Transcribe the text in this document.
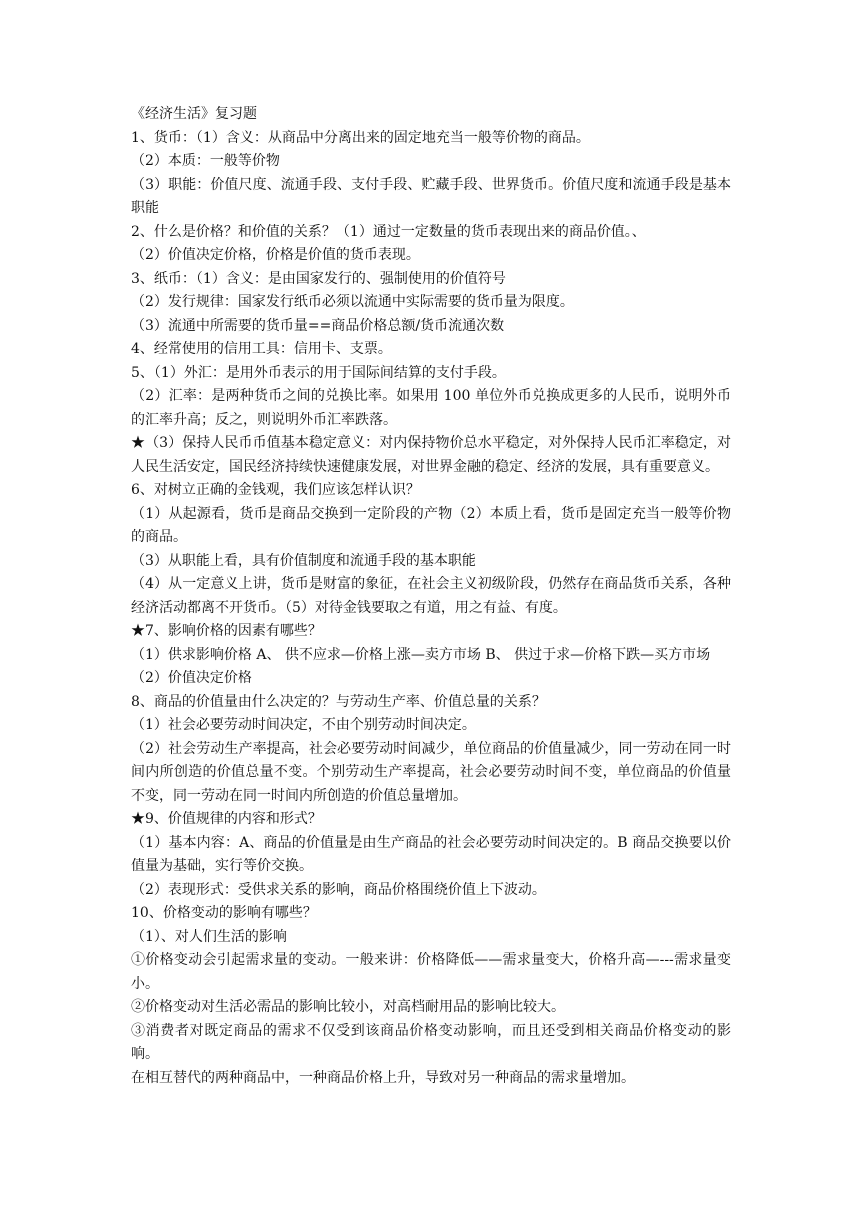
《经济生活》复习题

1、货币：（1）含义：从商品中分离出来的固定地充当一般等价物的商品。

（2）本质：一般等价物

（3）职能：价值尺度、流通手段、支付手段、贮藏手段、世界货币。价值尺度和流通手段是基本职能

2、什么是价格？和价值的关系？（1）通过一定数量的货币表现出来的商品价值。、

（2）价值决定价格，价格是价值的货币表现。

3、纸币：（1）含义：是由国家发行的、强制使用的价值符号

（2）发行规律：国家发行纸币必须以流通中实际需要的货币量为限度。

（3）流通中所需要的货币量==商品价格总额/货币流通次数

4、经常使用的信用工具：信用卡、支票。

5、（1）外汇：是用外币表示的用于国际间结算的支付手段。

（2）汇率：是两种货币之间的兑换比率。如果用 100 单位外币兑换成更多的人民币，说明外币的汇率升高；反之，则说明外币汇率跌落。

★（3）保持人民币币值基本稳定意义：对内保持物价总水平稳定，对外保持人民币汇率稳定，对人民生活安定，国民经济持续快速健康发展，对世界金融的稳定、经济的发展，具有重要意义。

6、对树立正确的金钱观，我们应该怎样认识？

（1）从起源看，货币是商品交换到一定阶段的产物（2）本质上看，货币是固定充当一般等价物的商品。

（3）从职能上看，具有价值制度和流通手段的基本职能

（4）从一定意义上讲，货币是财富的象征，在社会主义初级阶段，仍然存在商品货币关系，各种经济活动都离不开货币。（5）对待金钱要取之有道，用之有益、有度。

★7、影响价格的因素有哪些？

（1）供求影响价格 A、 供不应求—价格上涨—卖方市场 B、 供过于求—价格下跌—买方市场

（2）价值决定价格

8、商品的价值量由什么决定的？与劳动生产率、价值总量的关系？

（1）社会必要劳动时间决定，不由个别劳动时间决定。

（2）社会劳动生产率提高，社会必要劳动时间减少，单位商品的价值量减少，同一劳动在同一时间内所创造的价值总量不变。个别劳动生产率提高，社会必要劳动时间不变，单位商品的价值量不变，同一劳动在同一时间内所创造的价值总量增加。

★9、价值规律的内容和形式？

（1）基本内容：A、商品的价值量是由生产商品的社会必要劳动时间决定的。B 商品交换要以价值量为基础，实行等价交换。

（2）表现形式：受供求关系的影响，商品价格围绕价值上下波动。

10、价格变动的影响有哪些？

（1）、对人们生活的影响

①价格变动会引起需求量的变动。一般来讲：价格降低——需求量变大，价格升高—---需求量变小。

②价格变动对生活必需品的影响比较小，对高档耐用品的影响比较大。

③消费者对既定商品的需求不仅受到该商品价格变动影响，而且还受到相关商品价格变动的影响。

在相互替代的两种商品中，一种商品价格上升，导致对另一种商品的需求量增加。
